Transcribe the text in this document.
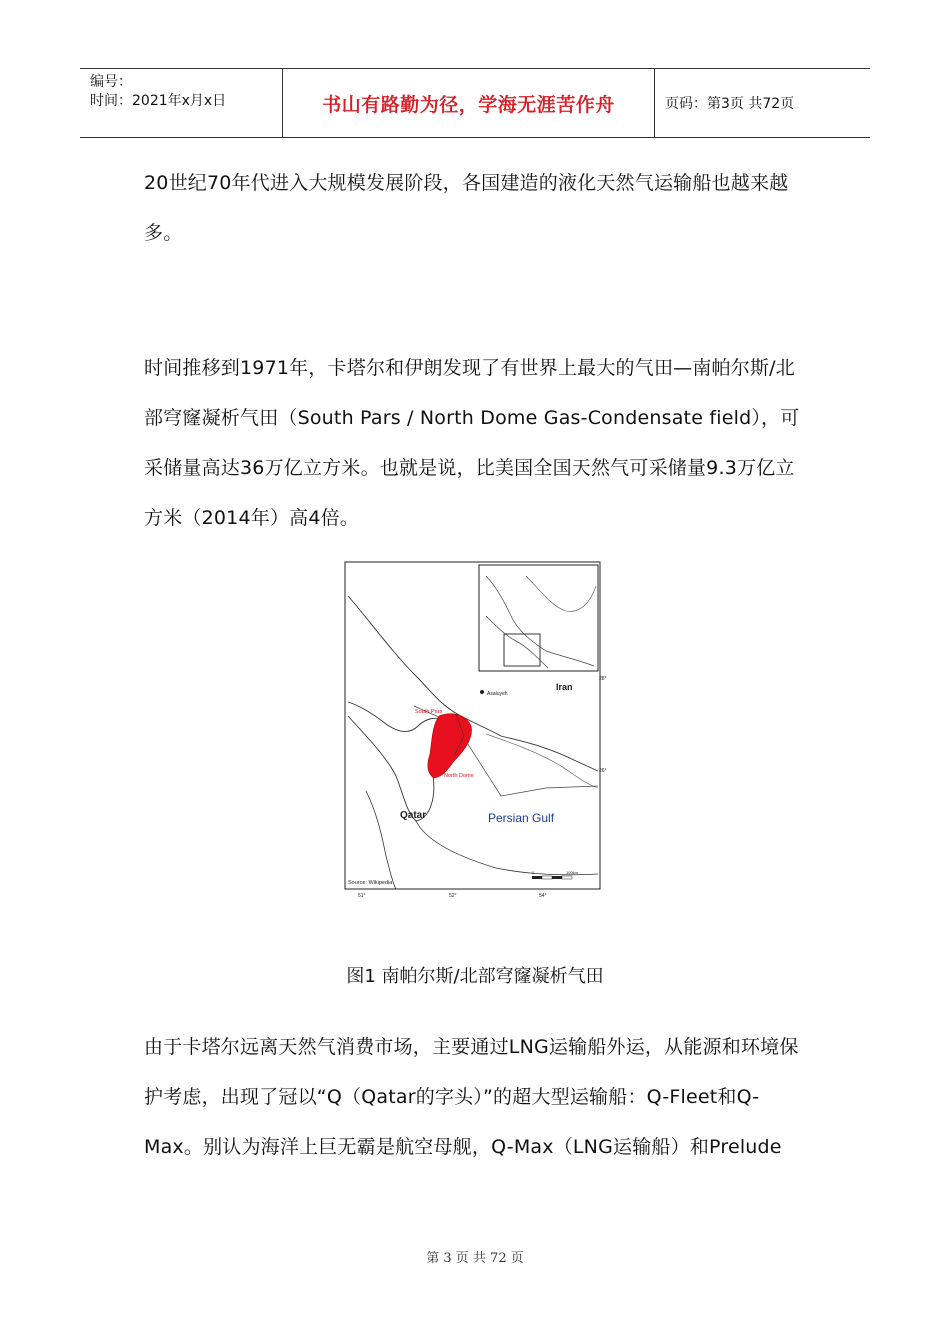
编号：
时间：2021年x月x日	书山有路勤为径，学海无涯苦作舟	页码：第3页 共72页

20世纪70年代进入大规模发展阶段，各国建造的液化天然气运输船也越来越多。

时间推移到1971年，卡塔尔和伊朗发现了有世界上最大的气田—南帕尔斯/北部穹窿凝析气田（South Pars / North Dome Gas-Condensate field），可采储量高达36万亿立方米。也就是说，比美国全国天然气可采储量9.3万亿立方米（2014年）高4倍。

Iran
Asaluyeh
South Pars
North Dome
Qatar	Persian Gulf
Source: Wikipedia
28°
26°
51°	52°	54°
0	100km
图1 南帕尔斯/北部穹窿凝析气田

由于卡塔尔远离天然气消费市场，主要通过LNG运输船外运，从能源和环境保护考虑，出现了冠以“Q（Qatar的字头）”的超大型运输船：Q-Fleet和Q-Max。别认为海洋上巨无霸是航空母舰，Q-Max（LNG运输船）和Prelude

第 3 页 共 72 页
